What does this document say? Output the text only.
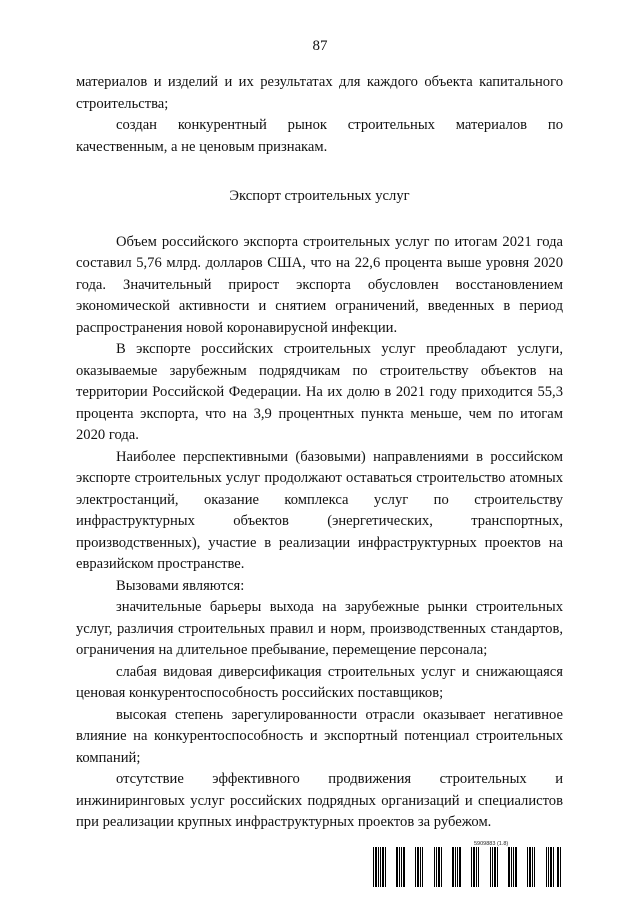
87

материалов и изделий и их результатах для каждого объекта капитального строительства;

создан конкурентный рынок строительных материалов по качественным, а не ценовым признакам.

Экспорт строительных услуг

Объем российского экспорта строительных услуг по итогам 2021 года составил 5,76 млрд. долларов США, что на 22,6 процента выше уровня 2020 года. Значительный прирост экспорта обусловлен восстановлением экономической активности и снятием ограничений, введенных в период распространения новой коронавирусной инфекции.

В экспорте российских строительных услуг преобладают услуги, оказываемые зарубежным подрядчикам по строительству объектов на территории Российской Федерации. На их долю в 2021 году приходится 55,3 процента экспорта, что на 3,9 процентных пункта меньше, чем по итогам 2020 года.

Наиболее перспективными (базовыми) направлениями в российском экспорте строительных услуг продолжают оставаться строительство атомных электростанций, оказание комплекса услуг по строительству инфраструктурных объектов (энергетических, транспортных, производственных), участие в реализации инфраструктурных проектов на евразийском пространстве.

Вызовами являются:

значительные барьеры выхода на зарубежные рынки строительных услуг, различия строительных правил и норм, производственных стандартов, ограничения на длительное пребывание, перемещение персонала;

слабая видовая диверсификация строительных услуг и снижающаяся ценовая конкурентоспособность российских поставщиков;

высокая степень зарегулированности отрасли оказывает негативное влияние на конкурентоспособность и экспортный потенциал строительных компаний;

отсутствие эффективного продвижения строительных и инжиниринговых услуг российских подрядных организаций и специалистов при реализации крупных инфраструктурных проектов за рубежом.

5909883 (1.8)
